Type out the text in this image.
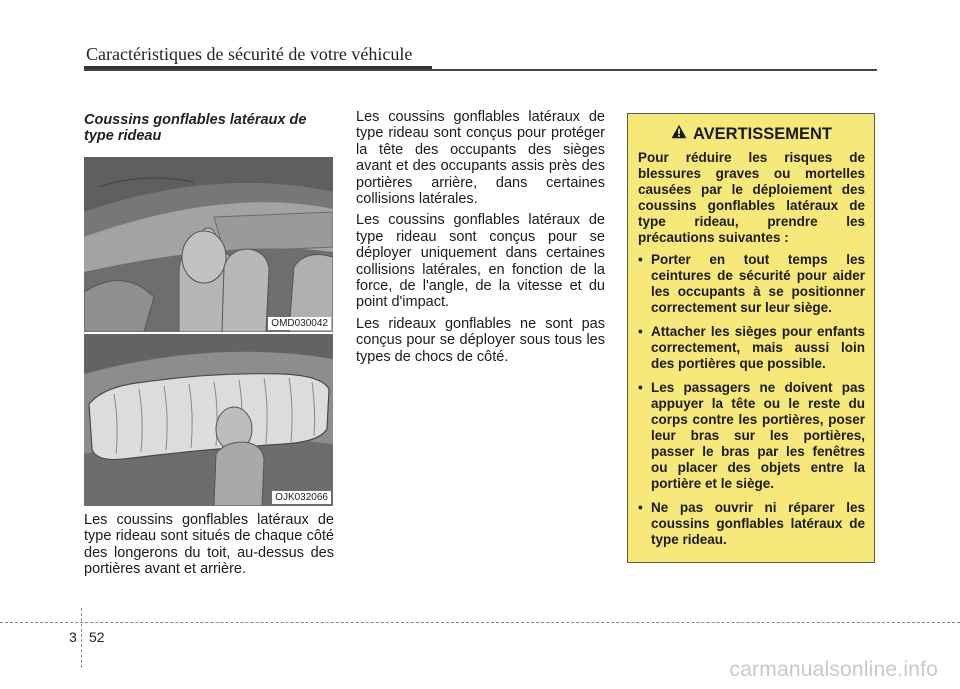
Caractéristiques de sécurité de votre véhicule
Coussins gonflables latéraux de type rideau
OMD030042
OJK032066

Les coussins gonflables latéraux de type rideau sont situés de chaque côté des longerons du toit, au-dessus des portières avant et arrière.

Les coussins gonflables latéraux de type rideau sont conçus pour protéger la tête des occupants des sièges avant et des occupants assis près des portières arrière, dans certaines collisions latérales.

Les coussins gonflables latéraux de type rideau sont conçus pour se déployer uniquement dans certaines collisions latérales, en fonction de la force, de l'angle, de la vitesse et du point d'impact.

Les rideaux gonflables ne sont pas conçus pour se déployer sous tous les types de chocs de côté.

AVERTISSEMENT
Pour réduire les risques de blessures graves ou mortelles causées par le déploiement des coussins gonflables latéraux de type rideau, prendre les précautions suivantes :
• Porter en tout temps les ceintures de sécurité pour aider les occupants à se positionner correctement sur leur siège.
• Attacher les sièges pour enfants correctement, mais aussi loin des portières que possible.
• Les passagers ne doivent pas appuyer la tête ou le reste du corps contre les portières, poser leur bras sur les portières, passer le bras par les fenêtres ou placer des objets entre la portière et le siège.
• Ne pas ouvrir ni réparer les coussins gonflables latéraux de type rideau.
3 52
carmanualsonline.info
